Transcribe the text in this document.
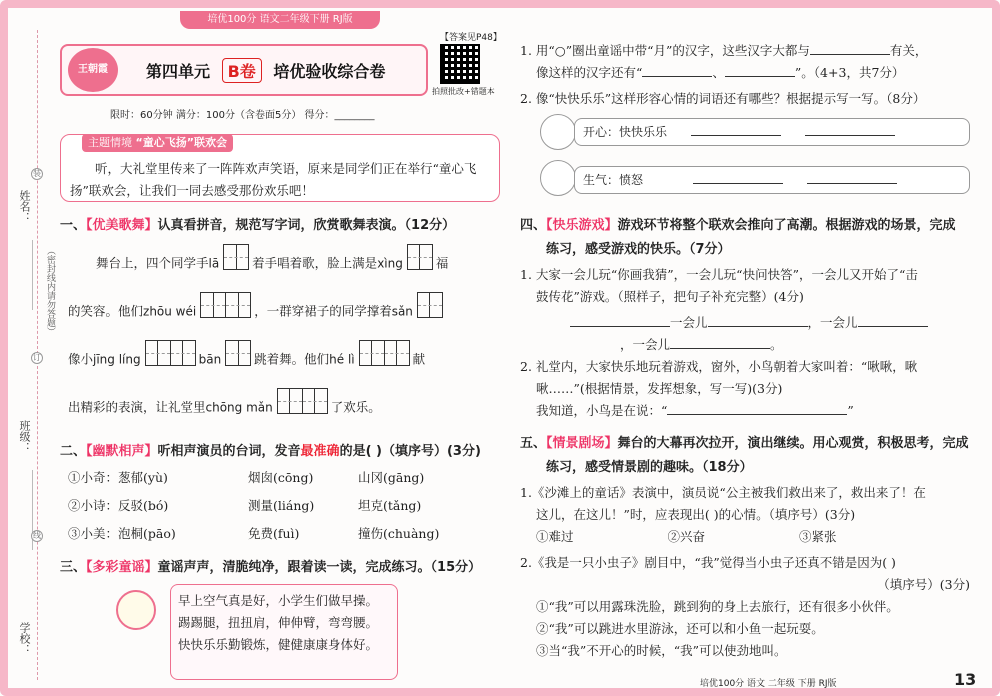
培优100分 语文二年级下册 RJ版
姓名：
班级：
学校：
装
订
线
（密封线内请勿答题）
【答案见P48】
王朝霞	第四单元 B卷 培优验收综合卷
拍照批改+错题本
限时：60分钟 满分：100分（含卷面5分） 得分：________
主题情境 “童心飞扬”联欢会
听，大礼堂里传来了一阵阵欢声笑语，原来是同学们正在举行“童心飞扬”联欢会，让我们一同去感受那份欢乐吧！
一、【优美歌舞】认真看拼音，规范写字词，欣赏歌舞表演。（12分）
舞台上，四个同学手lā	着手唱着歌，脸上满是xìng	福
的笑容。他们zhōu wéi	，一群穿裙子的同学撑着sǎn
像小jīng líng	bān	跳着舞。他们hé lì	献
出精彩的表演，让礼堂里chōng mǎn	了欢乐。
二、【幽默相声】听相声演员的台词，发音最准确的是( )（填序号）(3分)
①小奇：葱郁(yù)	烟囱(cōng)	山冈(gāng)
②小诗：反驳(bó)	测量(liáng)	坦克(tǎng)
③小美：泡桐(pāo)	免费(fuì)	撞伤(chuàng)
三、【多彩童谣】童谣声声，清脆纯净，跟着读一读，完成练习。（15分）
早上空气真是好，小学生们做早操。
踢踢腿，扭扭肩，伸伸臂，弯弯腰。
快快乐乐勤锻炼，健健康康身体好。
1. 用“○”圈出童谣中带“月”的汉字，这些汉字大都与	有关，
像这样的汉字还有“	、	”。（4+3，共7分）
2. 像“快快乐乐”这样形容心情的词语还有哪些？根据提示写一写。（8分）
开心：快快乐乐
生气：愤怒
四、【快乐游戏】游戏环节将整个联欢会推向了高潮。根据游戏的场景，完成
练习，感受游戏的快乐。（7分）
1. 大家一会儿玩“你画我猜”，一会儿玩“快问快答”，一会儿又开始了“击
鼓传花”游戏。（照样子，把句子补充完整）(4分)
一会儿	，一会儿
，一会儿	。
2. 礼堂内，大家快乐地玩着游戏，窗外，小鸟朝着大家叫着：“啾啾，啾
啾……”(根据情景，发挥想象，写一写)(3分)
我知道，小鸟是在说：“	”
五、【情景剧场】舞台的大幕再次拉开，演出继续。用心观赏，积极思考，完成
练习，感受情景剧的趣味。（18分）
1.《沙滩上的童话》表演中，演员说“公主被我们救出来了，救出来了！在
这儿，在这儿！”时，应表现出( )的心情。（填序号）(3分)
①难过	②兴奋	③紧张
2.《我是一只小虫子》剧目中，“我”觉得当小虫子还真不错是因为( )
（填序号）(3分)
①“我”可以用露珠洗脸，跳到狗的身上去旅行，还有很多小伙伴。
②“我”可以跳进水里游泳，还可以和小鱼一起玩耍。
③当“我”不开心的时候，“我”可以使劲地叫。
培优100分 语文 二年级 下册 RJ版	13
